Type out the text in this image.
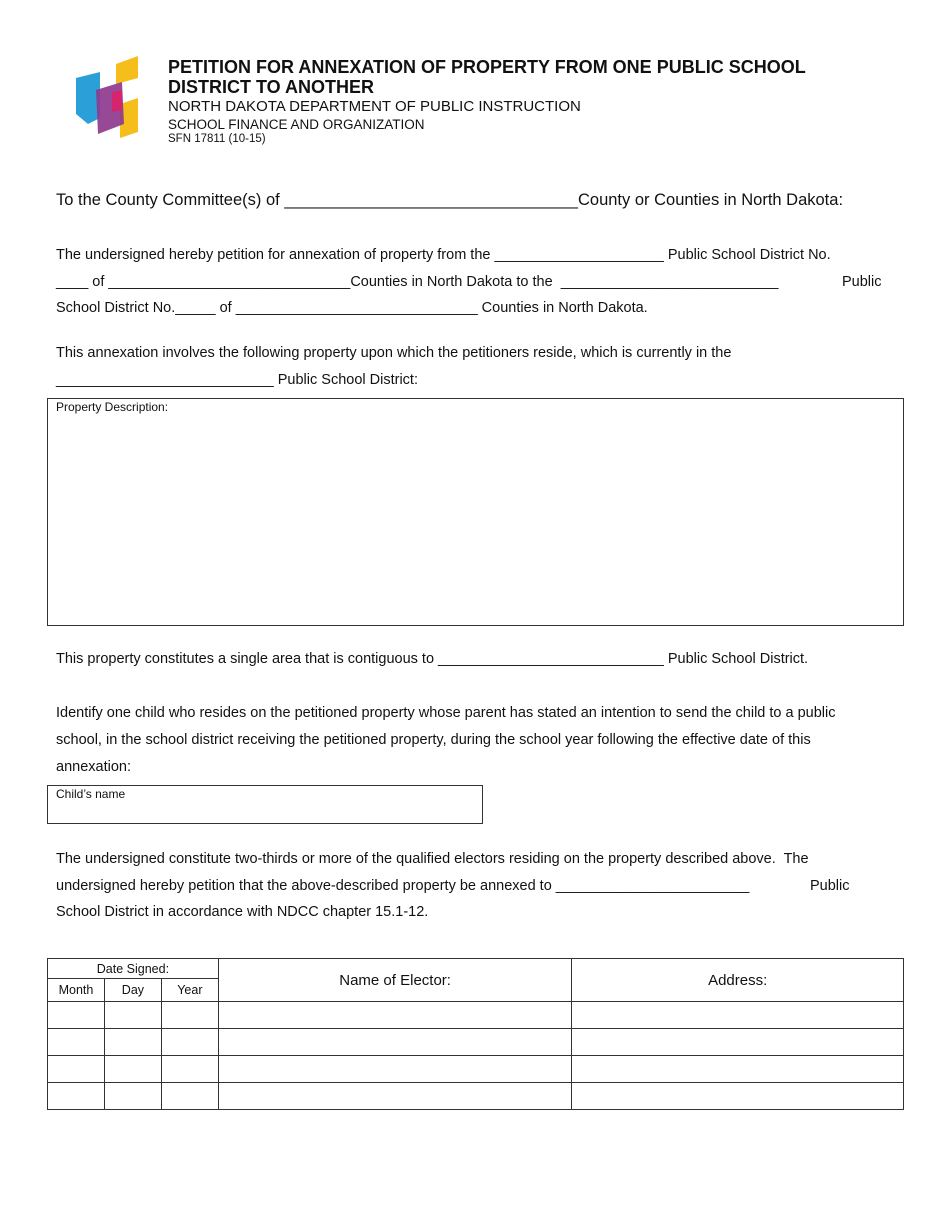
PETITION FOR ANNEXATION OF PROPERTY FROM ONE PUBLIC SCHOOL DISTRICT TO ANOTHER
NORTH DAKOTA DEPARTMENT OF PUBLIC INSTRUCTION
SCHOOL FINANCE AND ORGANIZATION
SFN 17811 (10-15)
To the County Committee(s) of ________________________________County or Counties in North Dakota:
The undersigned hereby petition for annexation of property from the _____________________ Public School District No.
____ of ______________________________Counties in North Dakota to the  ___________________________	Public
School District No._____ of ______________________________ Counties in North Dakota.
This annexation involves the following property upon which the petitioners reside, which is currently in the
___________________________ Public School District:
Property Description:
This property constitutes a single area that is contiguous to ____________________________ Public School District.
Identify one child who resides on the petitioned property whose parent has stated an intention to send the child to a public
school, in the school district receiving the petitioned property, during the school year following the effective date of this
annexation:
Child’s name
The undersigned constitute two-thirds or more of the qualified electors residing on the property described above.  The
undersigned hereby petition that the above-described property be annexed to ________________________	Public
School District in accordance with NDCC chapter 15.1-12.
Date Signed:			Name of Elector:	Address:
Month	Day	Year		
